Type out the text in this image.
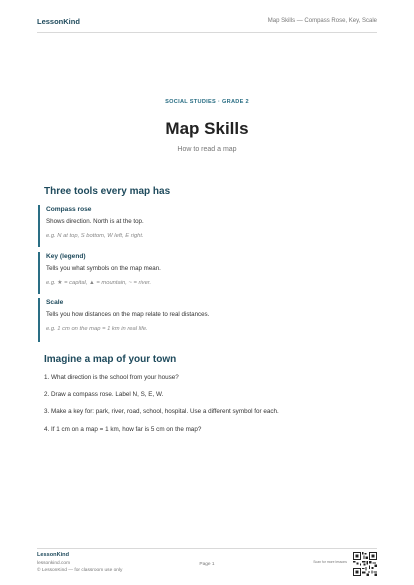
LessonKind	Map Skills — Compass Rose, Key, Scale
SOCIAL STUDIES · GRADE 2
Map Skills
How to read a map
Three tools every map has
Compass rose
Shows direction. North is at the top.
e.g. N at top, S bottom, W left, E right.
Key (legend)
Tells you what symbols on the map mean.
e.g. ★ = capital, ▲ = mountain, ~ = river.
Scale
Tells you how distances on the map relate to real distances.
e.g. 1 cm on the map = 1 km in real life.
Imagine a map of your town
1. What direction is the school from your house?
2. Draw a compass rose. Label N, S, E, W.
3. Make a key for: park, river, road, school, hospital. Use a different symbol for each.
4. If 1 cm on a map = 1 km, how far is 5 cm on the map?
LessonKind
lessonkind.com
© LessonKind — for classroom use only
Page 1	Scan for more lessons
